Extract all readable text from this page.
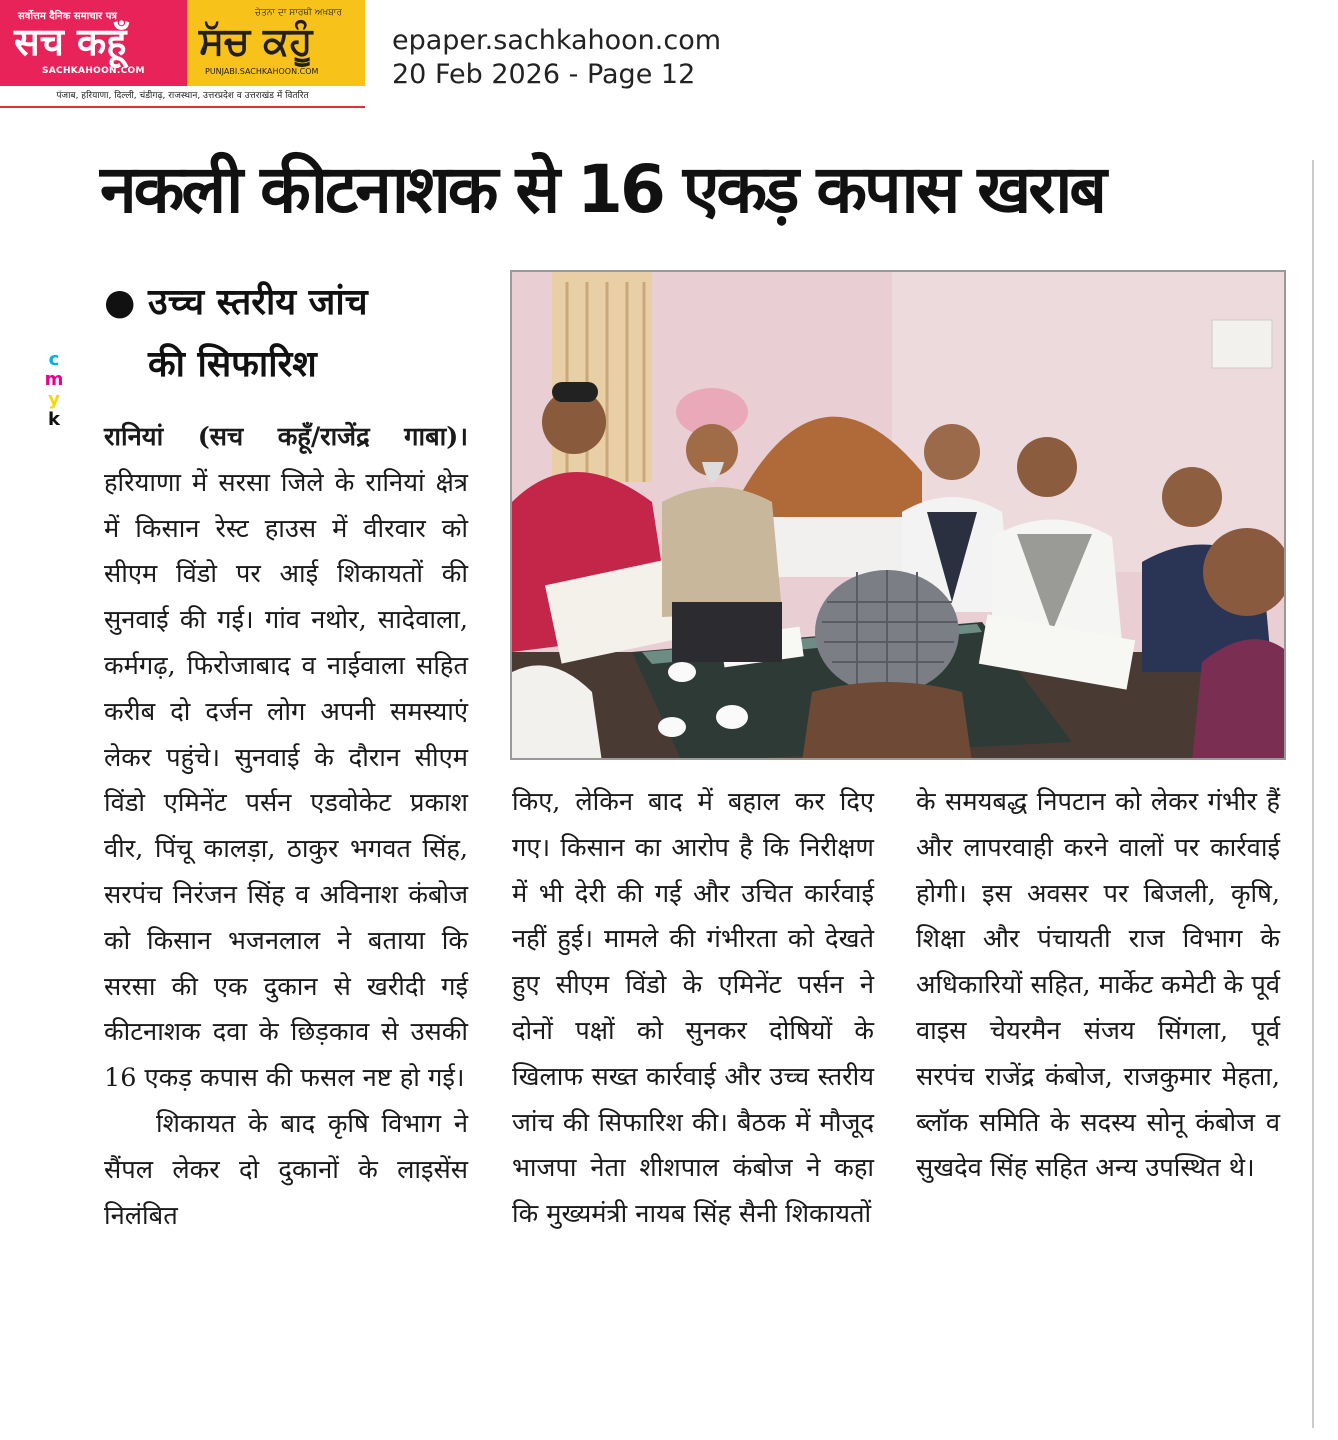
सर्वोत्तम दैनिक समाचार पत्र
सच कहूँ
SACHKAHOON.COM
ਚੇਤਨਾ ਦਾ ਸਾਰਥੀ ਅਖ਼ਬਾਰ
ਸੱਚ ਕਹੂੰ
PUNJABI.SACHKAHOON.COM
पंजाब, हरियाणा, दिल्ली, चंडीगढ़, राजस्थान, उत्तरप्रदेश व उत्तराखंड में वितरित
epaper.sachkahoon.com
20 Feb 2026 - Page 12
नकली कीटनाशक से 16 एकड़ कपास खराब
● उच्च स्तरीय जांच
की सिफारिश
c
m
y
k

रानियां (सच कहूँ/राजेंद्र गाबा)। हरियाणा में सरसा जिले के रानियां क्षेत्र में किसान रेस्ट हाउस में वीरवार को सीएम विंडो पर आई शिकायतों की सुनवाई की गई। गांव नथोर, सादेवाला, कर्मगढ़, फिरोजाबाद व नाईवाला सहित करीब दो दर्जन लोग अपनी समस्याएं लेकर पहुंचे। सुनवाई के दौरान सीएम विंडो एमिनेंट पर्सन एडवोकेट प्रकाश वीर, पिंचू कालड़ा, ठाकुर भगवत सिंह, सरपंच निरंजन सिंह व अविनाश कंबोज को किसान भजनलाल ने बताया कि सरसा की एक दुकान से खरीदी गई कीटनाशक दवा के छिड़काव से उसकी 16 एकड़ कपास की फसल नष्ट हो गई।

शिकायत के बाद कृषि विभाग ने सैंपल लेकर दो दुकानों के लाइसेंस निलंबित

किए, लेकिन बाद में बहाल कर दिए गए। किसान का आरोप है कि निरीक्षण में भी देरी की गई और उचित कार्रवाई नहीं हुई। मामले की गंभीरता को देखते हुए सीएम विंडो के एमिनेंट पर्सन ने दोनों पक्षों को सुनकर दोषियों के खिलाफ सख्त कार्रवाई और उच्च स्तरीय जांच की सिफारिश की। बैठक में मौजूद भाजपा नेता शीशपाल कंबोज ने कहा कि मुख्यमंत्री नायब सिंह सैनी शिकायतों

के समयबद्ध निपटान को लेकर गंभीर हैं और लापरवाही करने वालों पर कार्रवाई होगी। इस अवसर पर बिजली, कृषि, शिक्षा और पंचायती राज विभाग के अधिकारियों सहित, मार्केट कमेटी के पूर्व वाइस चेयरमैन संजय सिंगला, पूर्व सरपंच राजेंद्र कंबोज, राजकुमार मेहता, ब्लॉक समिति के सदस्य सोनू कंबोज व सुखदेव सिंह सहित अन्य उपस्थित थे।
